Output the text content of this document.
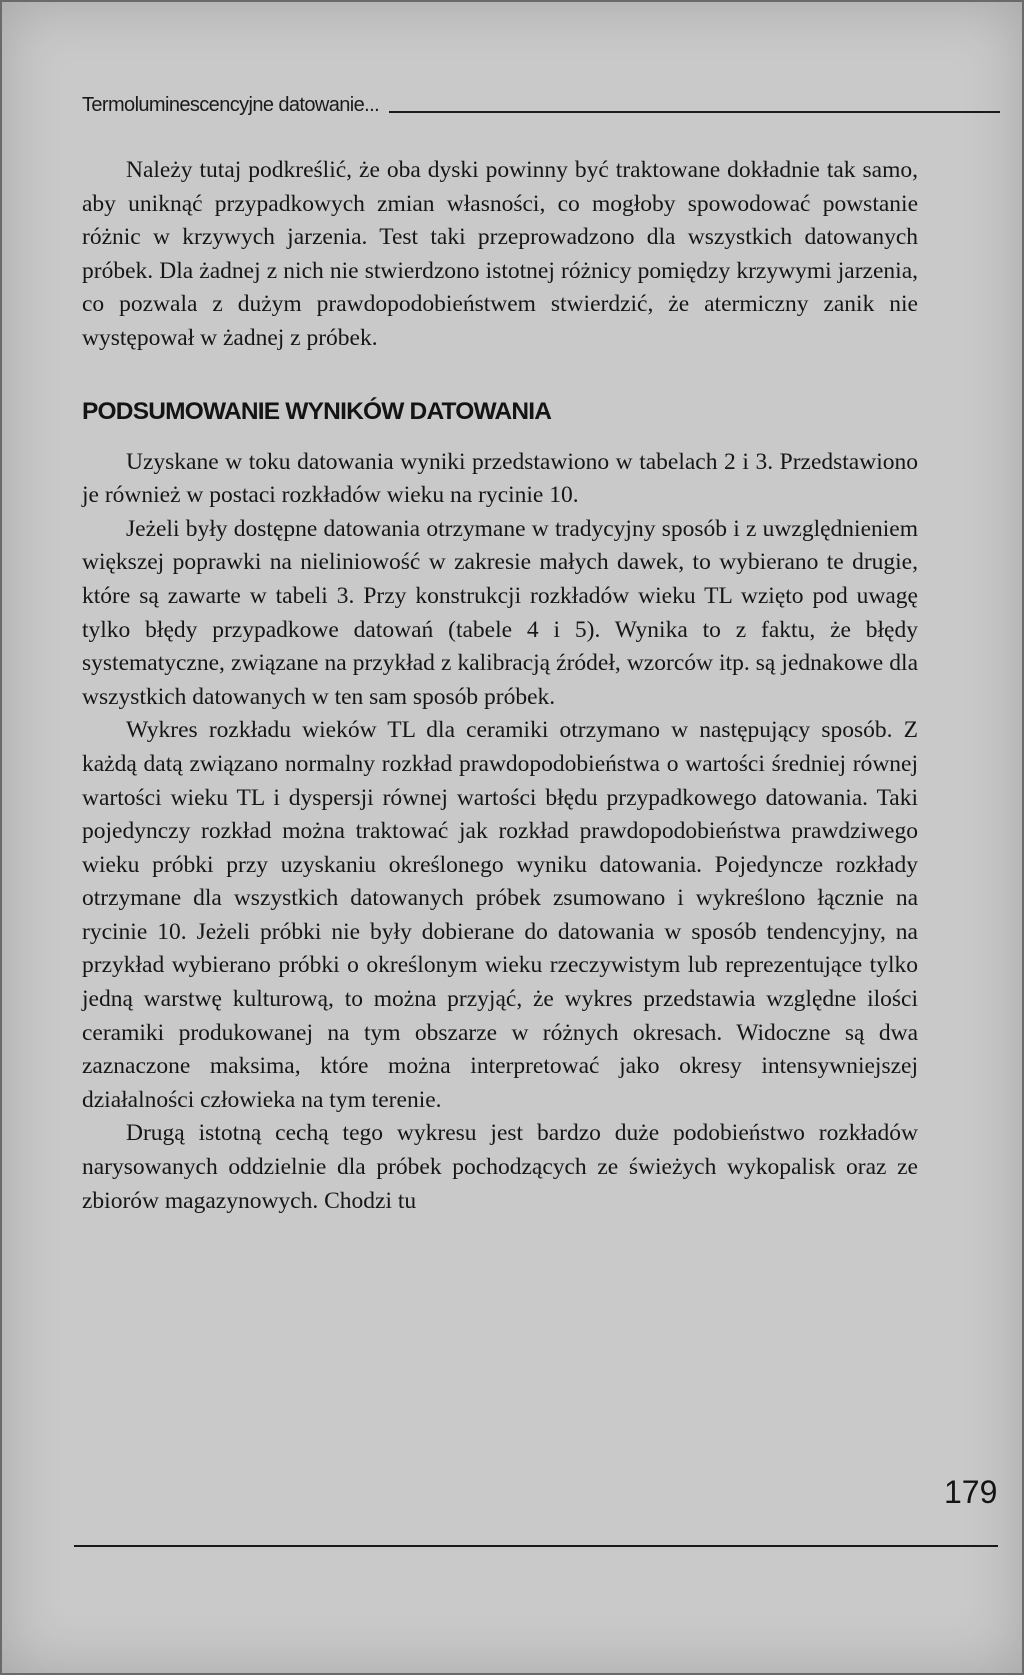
Termoluminescencyjne datowanie...

Należy tutaj podkreślić, że oba dyski powinny być traktowane dokładnie tak samo, aby uniknąć przypadkowych zmian własności, co mogłoby spowodować powstanie różnic w krzywych jarzenia. Test taki przeprowadzono dla wszystkich datowanych próbek. Dla żadnej z nich nie stwierdzono istotnej różnicy pomiędzy krzywymi jarzenia, co pozwala z dużym prawdopodobieństwem stwierdzić, że atermiczny zanik nie występował w żadnej z próbek.

PODSUMOWANIE WYNIKÓW DATOWANIA

Uzyskane w toku datowania wyniki przedstawiono w tabelach 2 i 3. Przedstawiono je również w postaci rozkładów wieku na rycinie 10.

Jeżeli były dostępne datowania otrzymane w tradycyjny sposób i z uwzględnieniem większej poprawki na nieliniowość w zakresie małych dawek, to wybierano te drugie, które są zawarte w tabeli 3. Przy konstrukcji rozkładów wieku TL wzięto pod uwagę tylko błędy przypadkowe datowań (tabele 4 i 5). Wynika to z faktu, że błędy systematyczne, związane na przykład z kalibracją źródeł, wzorców itp. są jednakowe dla wszystkich datowanych w ten sam sposób próbek.

Wykres rozkładu wieków TL dla ceramiki otrzymano w następujący sposób. Z każdą datą związano normalny rozkład prawdopodobieństwa o wartości średniej równej wartości wieku TL i dyspersji równej wartości błędu przypadkowego datowania. Taki pojedynczy rozkład można traktować jak rozkład prawdopodobieństwa prawdziwego wieku próbki przy uzyskaniu określonego wyniku datowania. Pojedyncze rozkłady otrzymane dla wszystkich datowanych próbek zsumowano i wykreślono łącznie na rycinie 10. Jeżeli próbki nie były dobierane do datowania w sposób tendencyjny, na przykład wybierano próbki o określonym wieku rzeczywistym lub reprezentujące tylko jedną warstwę kulturową, to można przyjąć, że wykres przedstawia względne ilości ceramiki produkowanej na tym obszarze w różnych okresach. Widoczne są dwa zaznaczone maksima, które można interpretować jako okresy intensywniejszej działalności człowieka na tym terenie.

Drugą istotną cechą tego wykresu jest bardzo duże podobieństwo rozkładów narysowanych oddzielnie dla próbek pochodzących ze świeżych wykopalisk oraz ze zbiorów magazynowych. Chodzi tu

179
